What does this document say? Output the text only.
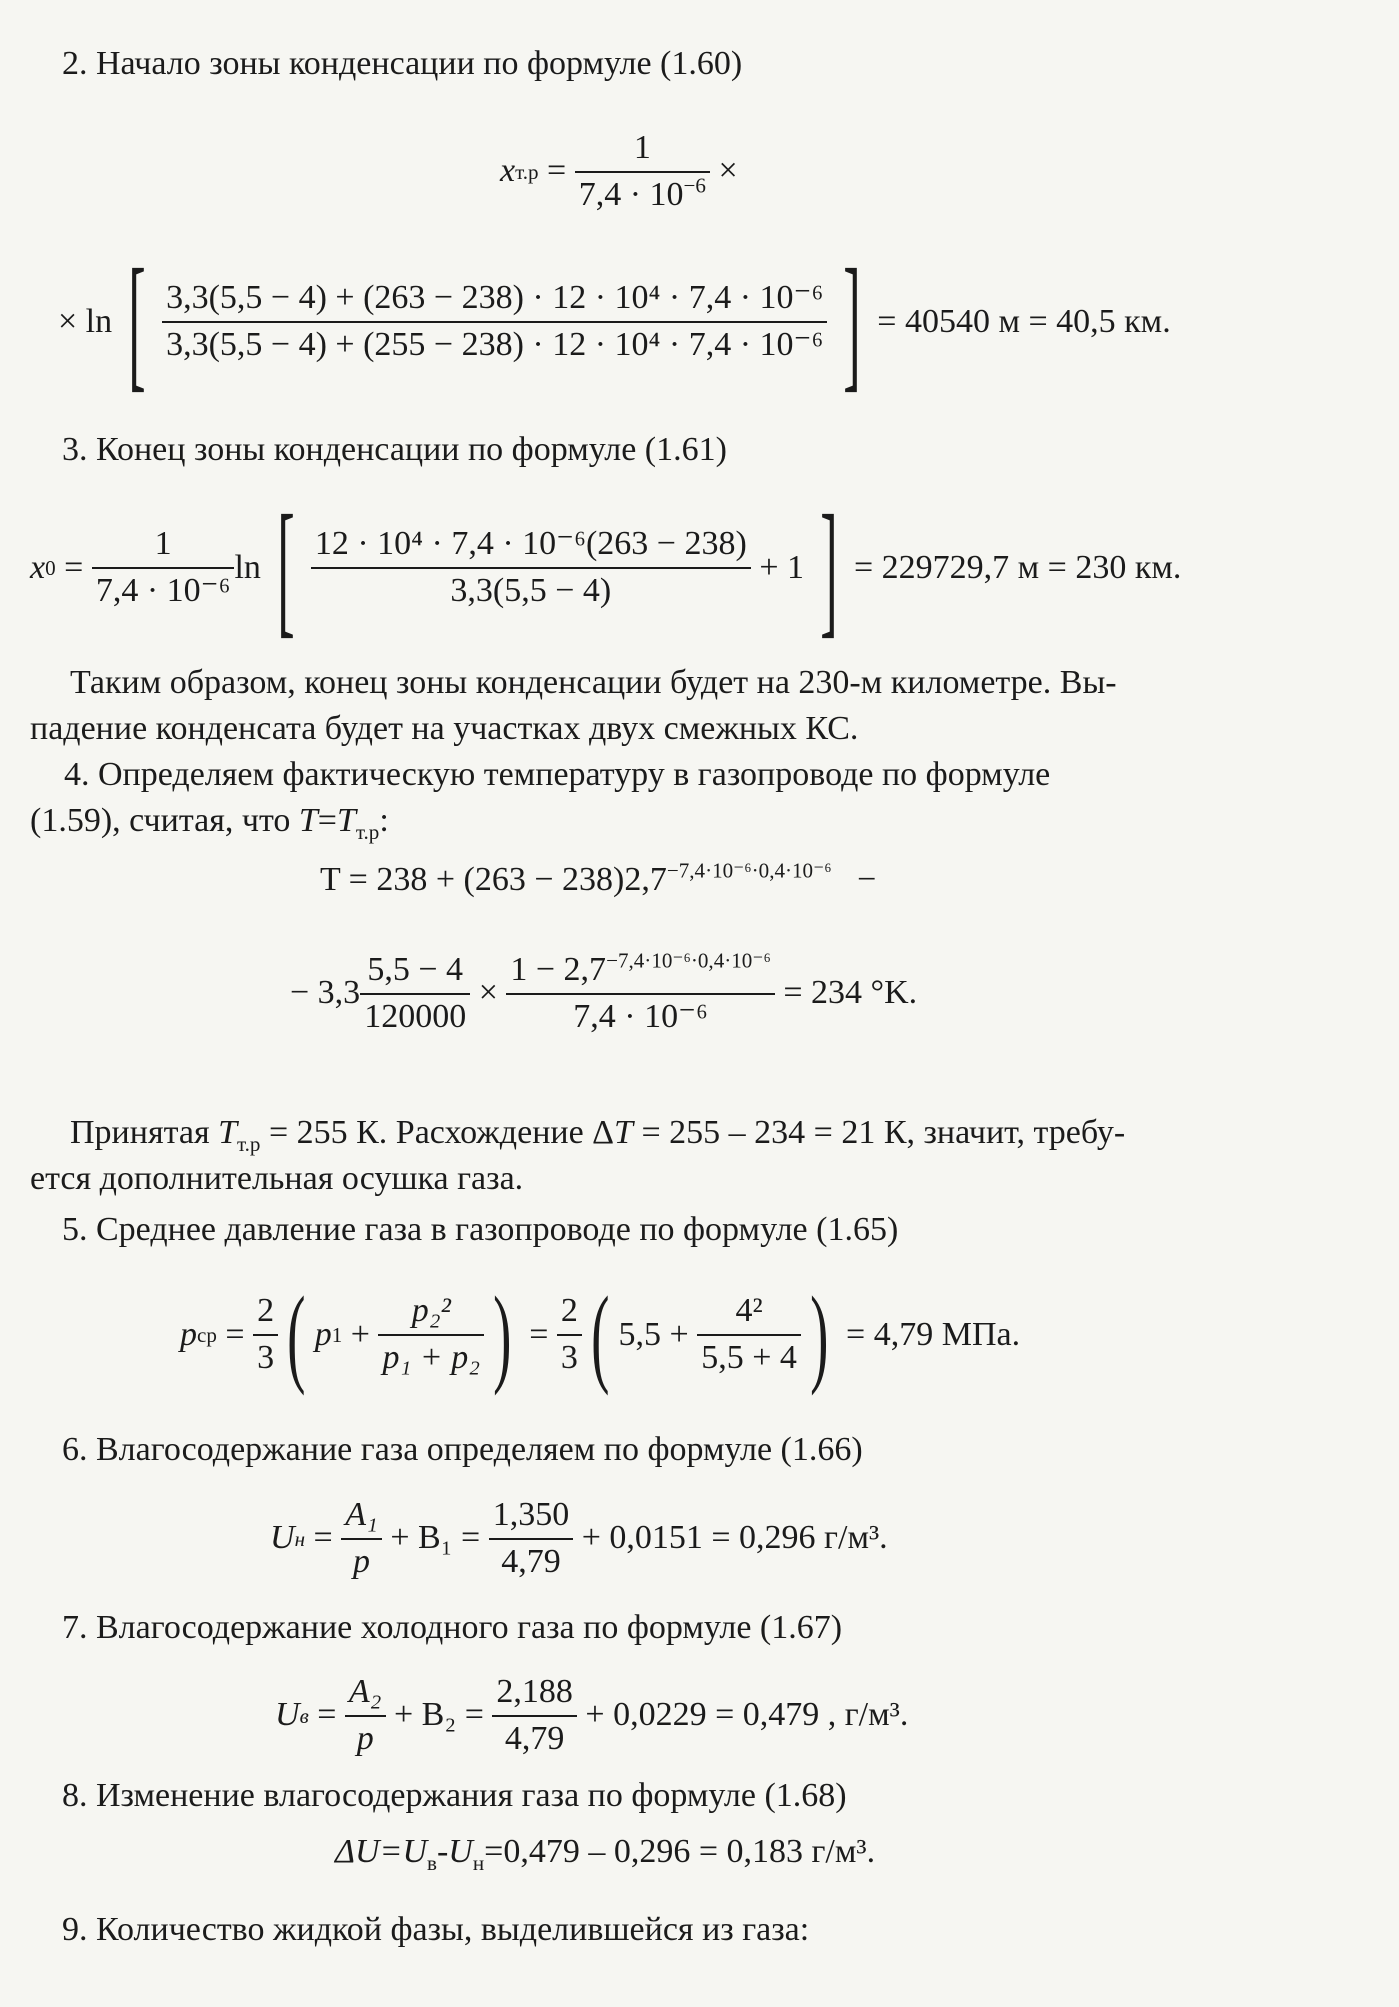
2. Начало зоны конденсации по формуле (1.60)
x $т.р = \frac{1}{7,4 \cdot 10^{-6}}$
×
× ln [ $\frac{\text{3,3(5,5 − 4) + (263 − 238) · 12 · 10⁴ · 7,4 · 10⁻⁶}}{\text{3,3(5,5 − 4) + (255 − 238) · 12 · 10⁴ · 7,4 · 10⁻⁶}}$ ] = 40540 м = 40,5 км.
3. Конец зоны конденсации по формуле (1.61)
x $0 = \frac{1}{\text{7,4 · 10⁻⁶}}$ ln [ $\frac{\text{12 · 10⁴ · 7,4 · 10⁻⁶(263 − 238)}}{3,3(5,5 - 4)}$
+ 1 ] = 229729,7 м = 230 км.
Таким образом, конец зоны конденсации будет на 230-м километре. Вы-
падение конденсата будет на участках двух смежных КС.
4. Определяем фактическую температуру в газопроводе по формуле
(1.59), считая, что $T=T_{т.р}$:
$T = 238 + (263 - 238)2,7^{-7,4\cdot 10^{-6}\cdot 0,4\cdot 10^{-6}}$ −
− $3,3 \frac{5,5 - 4}{120000}$
×
$\frac{1 - 2,7^{-7,4\cdot 10^{-6}\cdot 0,4\cdot 10^{-6}}}{\text{7,4 · 10⁻⁶}}$
= 234 °K.
Принятая $T_{т.р} = 255$ К. Расхождение ΔT = 255 – 234 = 21 К, значит, требу-
ется дополнительная осушка газа.
5. Среднее давление газа в газопроводе по формуле (1.65)
p cp = $\frac{2}{3}$ ( p $1 + \frac{\text{p₂²}}{\text{p₁ + p₂}}$ ) = $\frac{2}{3}$ ( 5,5 +
$\frac{\text{4²}}{5,5 + 4}$ )
= 4,79 МПа.
6. Влагосодержание газа определяем по формуле (1.66)
U $н = \frac{\text{A₁}}{p}$
+ B₁ =
$\frac{1,350}{4,79}$
+ 0,0151 = 0,296 г/м³.
7. Влагосодержание холодного газа по формуле (1.67)
U $в = \frac{\text{A₂}}{p}$
+ B₂ =
$\frac{2,188}{4,79}$
+ 0,0229 = 0,479 , г/м³.
8. Изменение влагосодержания газа по формуле (1.68)
$\Delta U=U_в-U_н=0,479 - 0,296 = 0,183$ г/м³.
9. Количество жидкой фазы, выделившейся из газа:
